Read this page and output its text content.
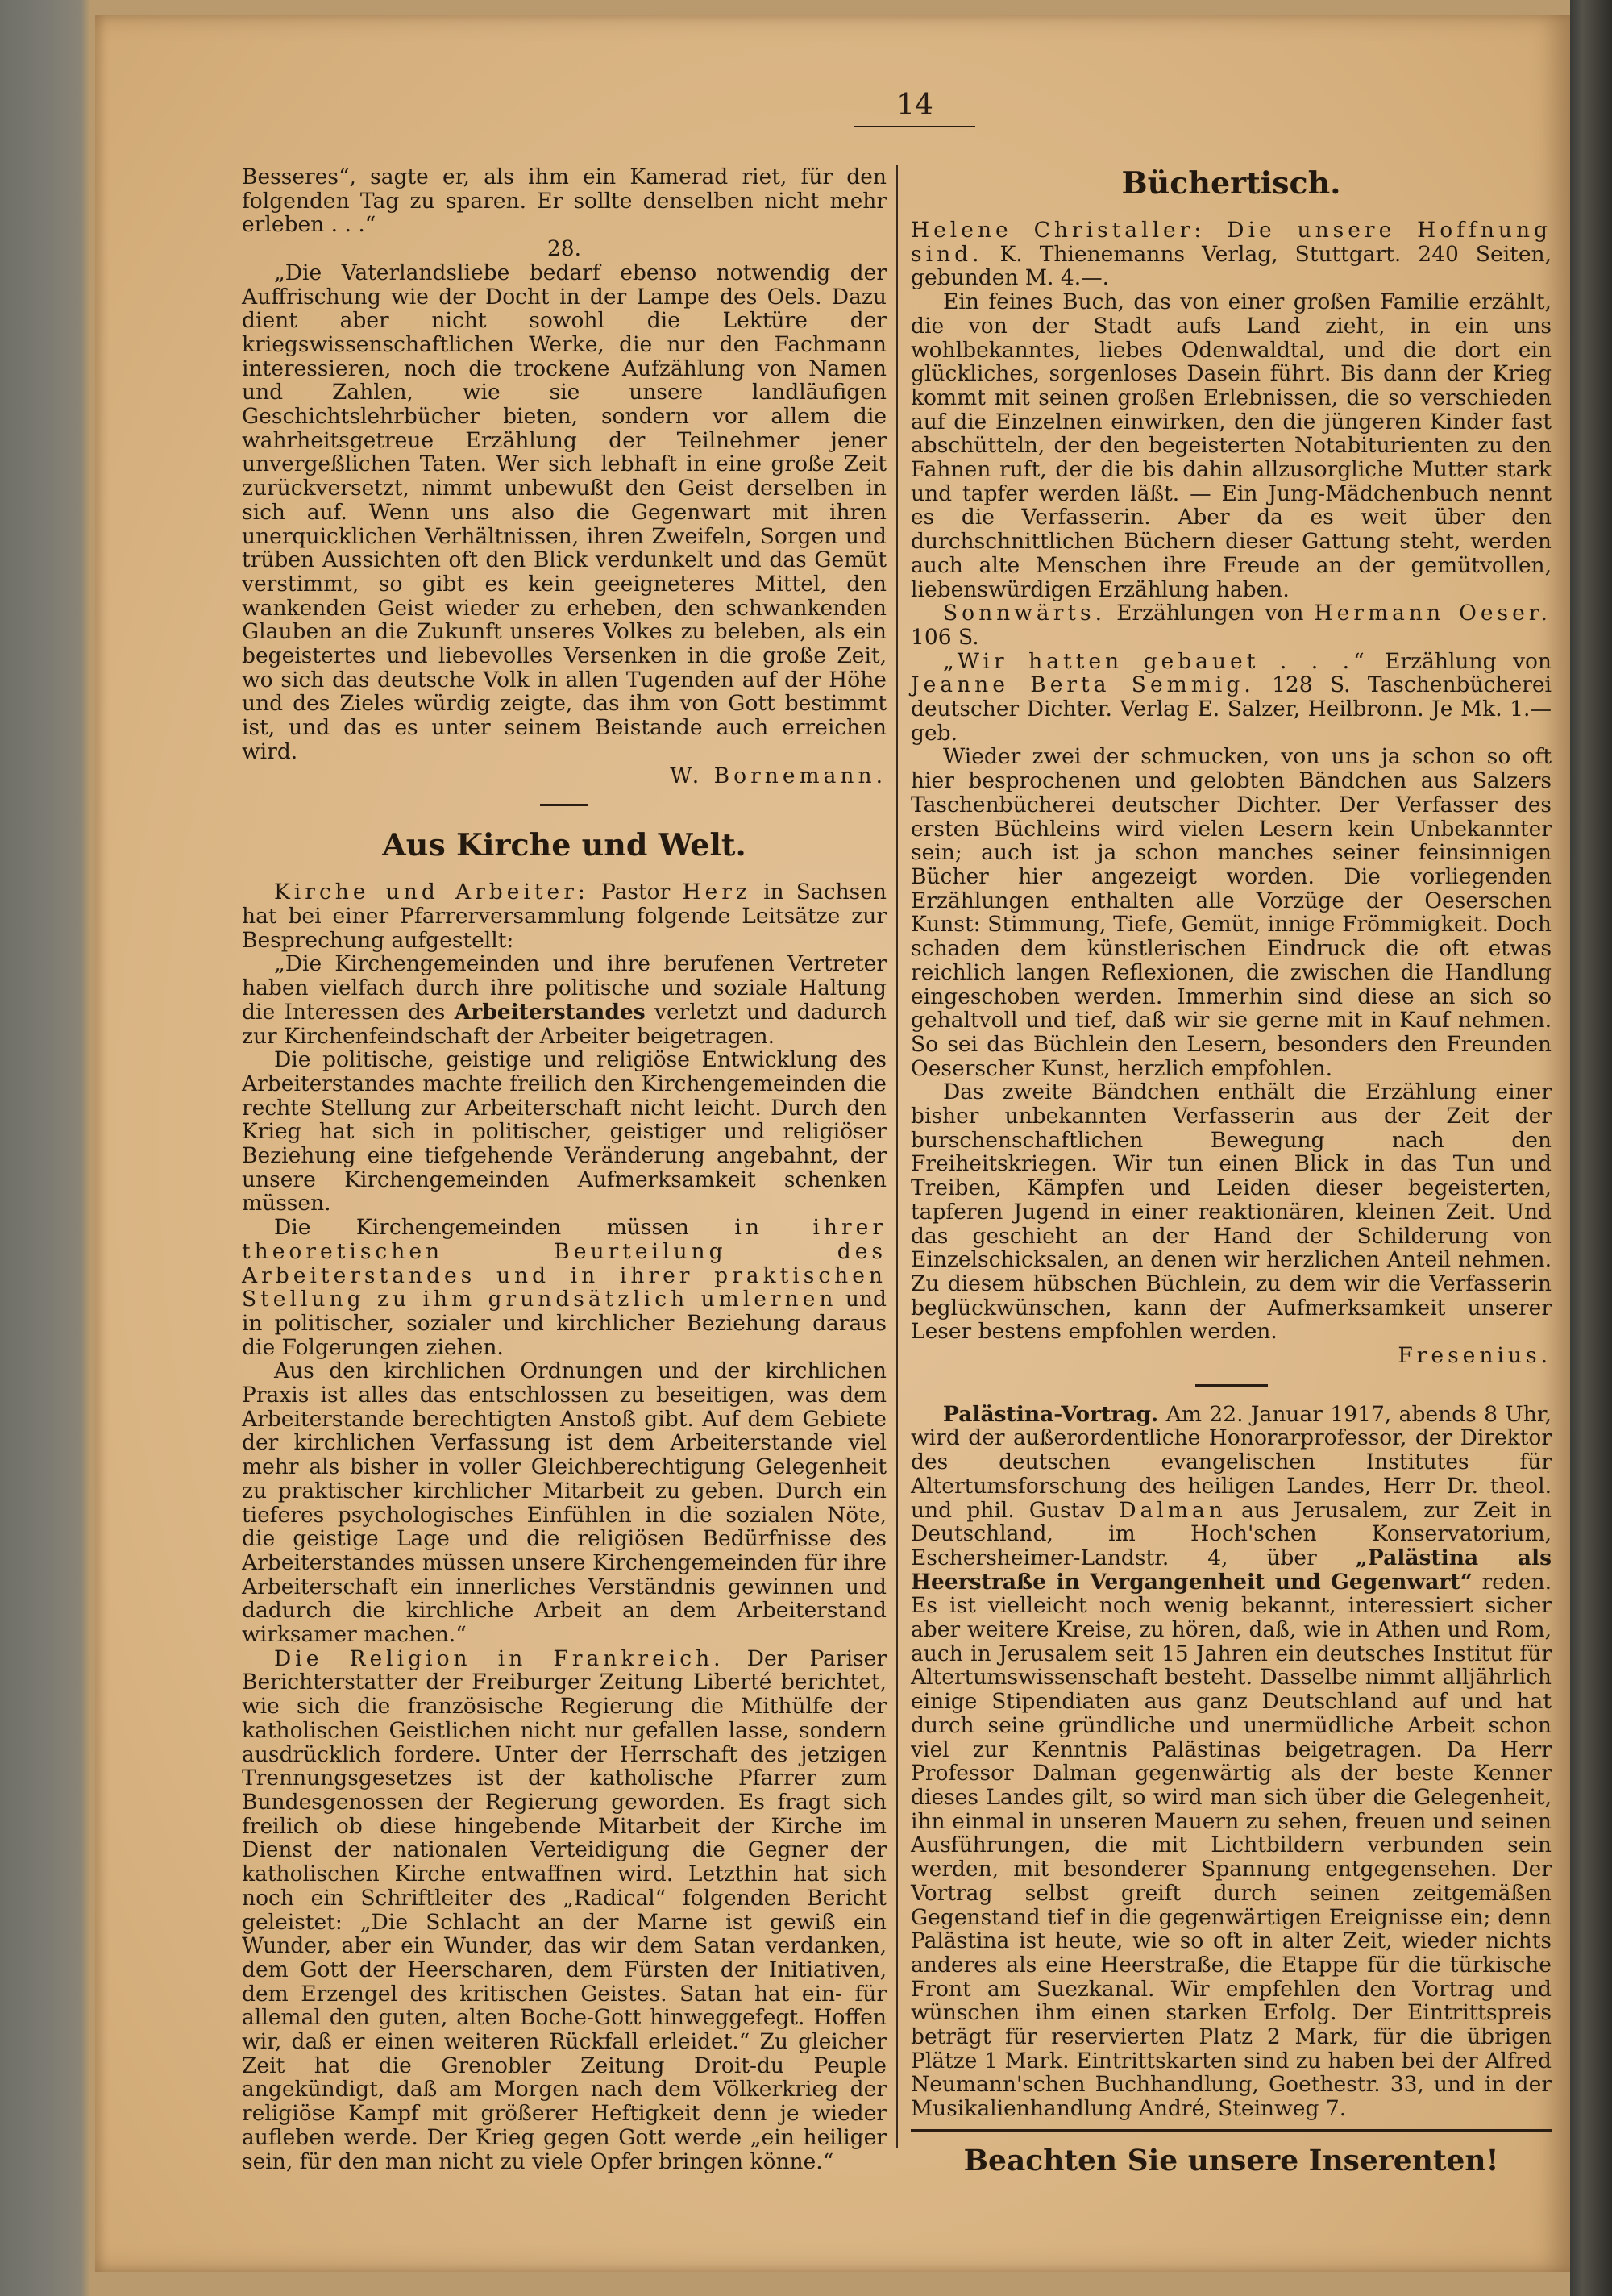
14

Besseres“, sagte er, als ihm ein Kamerad riet, für den folgenden Tag zu sparen. Er sollte denselben nicht mehr erleben . . .“

28.

„Die Vaterlandsliebe bedarf ebenso notwendig der Auffrischung wie der Docht in der Lampe des Oels. Dazu dient aber nicht sowohl die Lektüre der kriegswissenschaftlichen Werke, die nur den Fachmann interessieren, noch die trockene Aufzählung von Namen und Zahlen, wie sie unsere landläufigen Geschichtslehrbücher bieten, sondern vor allem die wahrheitsgetreue Erzählung der Teilnehmer jener unvergeßlichen Taten. Wer sich lebhaft in eine große Zeit zurückversetzt, nimmt unbewußt den Geist derselben in sich auf. Wenn uns also die Gegenwart mit ihren unerquicklichen Verhältnissen, ihren Zweifeln, Sorgen und trüben Aussichten oft den Blick verdunkelt und das Gemüt verstimmt, so gibt es kein geeigneteres Mittel, den wankenden Geist wieder zu erheben, den schwankenden Glauben an die Zukunft unseres Volkes zu beleben, als ein begeistertes und liebevolles Versenken in die große Zeit, wo sich das deutsche Volk in allen Tugenden auf der Höhe und des Zieles würdig zeigte, das ihm von Gott bestimmt ist, und das es unter seinem Beistande auch erreichen wird.

W. Bornemann.

Aus Kirche und Welt.

Kirche und Arbeiter: Pastor Herz in Sachsen hat bei einer Pfarrerversammlung folgende Leitsätze zur Besprechung aufgestellt:

„Die Kirchengemeinden und ihre berufenen Vertreter haben vielfach durch ihre politische und soziale Haltung die Interessen des Arbeiterstandes verletzt und dadurch zur Kirchenfeindschaft der Arbeiter beigetragen.

Die politische, geistige und religiöse Entwicklung des Arbeiterstandes machte freilich den Kirchengemeinden die rechte Stellung zur Arbeiterschaft nicht leicht. Durch den Krieg hat sich in politischer, geistiger und religiöser Beziehung eine tiefgehende Veränderung angebahnt, der unsere Kirchengemeinden Aufmerksamkeit schenken müssen.

Die Kirchengemeinden müssen in ihrer theoretischen Beurteilung des Arbeiterstandes und in ihrer praktischen Stellung zu ihm grundsätzlich umlernen und in politischer, sozialer und kirchlicher Beziehung daraus die Folgerungen ziehen.

Aus den kirchlichen Ordnungen und der kirchlichen Praxis ist alles das entschlossen zu beseitigen, was dem Arbeiterstande berechtigten Anstoß gibt. Auf dem Gebiete der kirchlichen Verfassung ist dem Arbeiterstande viel mehr als bisher in voller Gleichberechtigung Gelegenheit zu praktischer kirchlicher Mitarbeit zu geben. Durch ein tieferes psychologisches Einfühlen in die sozialen Nöte, die geistige Lage und die religiösen Bedürfnisse des Arbeiterstandes müssen unsere Kirchengemeinden für ihre Arbeiterschaft ein innerliches Verständnis gewinnen und dadurch die kirchliche Arbeit an dem Arbeiterstand wirksamer machen.“

Die Religion in Frankreich. Der Pariser Berichterstatter der Freiburger Zeitung Liberté berichtet, wie sich die französische Regierung die Mithülfe der katholischen Geistlichen nicht nur gefallen lasse, sondern ausdrücklich fordere. Unter der Herrschaft des jetzigen Trennungsgesetzes ist der katholische Pfarrer zum Bundesgenossen der Regierung geworden. Es fragt sich freilich ob diese hingebende Mitarbeit der Kirche im Dienst der nationalen Verteidigung die Gegner der katholischen Kirche entwaffnen wird. Letzthin hat sich noch ein Schriftleiter des „Radical“ folgenden Bericht geleistet: „Die Schlacht an der Marne ist gewiß ein Wunder, aber ein Wunder, das wir dem Satan verdanken, dem Gott der Heerscharen, dem Fürsten der Initiativen, dem Erzengel des kritischen Geistes. Satan hat ein- für allemal den guten, alten Boche-Gott hinweggefegt. Hoffen wir, daß er einen weiteren Rückfall erleidet.“ Zu gleicher Zeit hat die Grenobler Zeitung Droit-du Peuple angekündigt, daß am Morgen nach dem Völkerkrieg der religiöse Kampf mit größerer Heftigkeit denn je wieder aufleben werde. Der Krieg gegen Gott werde „ein heiliger sein, für den man nicht zu viele Opfer bringen könne.“

Büchertisch.

Helene Christaller: Die unsere Hoffnung sind. K. Thienemanns Verlag, Stuttgart. 240 Seiten, gebunden M. 4.—.

Ein feines Buch, das von einer großen Familie erzählt, die von der Stadt aufs Land zieht, in ein uns wohlbekanntes, liebes Odenwaldtal, und die dort ein glückliches, sorgenloses Dasein führt. Bis dann der Krieg kommt mit seinen großen Erlebnissen, die so verschieden auf die Einzelnen einwirken, den die jüngeren Kinder fast abschütteln, der den begeisterten Notabiturienten zu den Fahnen ruft, der die bis dahin allzusorgliche Mutter stark und tapfer werden läßt. — Ein Jung-Mädchenbuch nennt es die Verfasserin. Aber da es weit über den durchschnittlichen Büchern dieser Gattung steht, werden auch alte Menschen ihre Freude an der gemütvollen, liebenswürdigen Erzählung haben.

Sonnwärts. Erzählungen von Hermann Oeser. 106 S.

„Wir hatten gebauet . . .“ Erzählung von Jeanne Berta Semmig. 128 S. Taschenbücherei deutscher Dichter. Verlag E. Salzer, Heilbronn. Je Mk. 1.— geb.

Wieder zwei der schmucken, von uns ja schon so oft hier besprochenen und gelobten Bändchen aus Salzers Taschenbücherei deutscher Dichter. Der Verfasser des ersten Büchleins wird vielen Lesern kein Unbekannter sein; auch ist ja schon manches seiner feinsinnigen Bücher hier angezeigt worden. Die vorliegenden Erzählungen enthalten alle Vorzüge der Oeserschen Kunst: Stimmung, Tiefe, Gemüt, innige Frömmigkeit. Doch schaden dem künstlerischen Eindruck die oft etwas reichlich langen Reflexionen, die zwischen die Handlung eingeschoben werden. Immerhin sind diese an sich so gehaltvoll und tief, daß wir sie gerne mit in Kauf nehmen. So sei das Büchlein den Lesern, besonders den Freunden Oeserscher Kunst, herzlich empfohlen.

Das zweite Bändchen enthält die Erzählung einer bisher unbekannten Verfasserin aus der Zeit der burschenschaftlichen Bewegung nach den Freiheitskriegen. Wir tun einen Blick in das Tun und Treiben, Kämpfen und Leiden dieser begeisterten, tapferen Jugend in einer reaktionären, kleinen Zeit. Und das geschieht an der Hand der Schilderung von Einzelschicksalen, an denen wir herzlichen Anteil nehmen. Zu diesem hübschen Büchlein, zu dem wir die Verfasserin beglückwünschen, kann der Aufmerksamkeit unserer Leser bestens empfohlen werden.

Fresenius.

Palästina-Vortrag. Am 22. Januar 1917, abends 8 Uhr, wird der außerordentliche Honorarprofessor, der Direktor des deutschen evangelischen Institutes für Altertumsforschung des heiligen Landes, Herr Dr. theol. und phil. Gustav Dalman aus Jerusalem, zur Zeit in Deutschland, im Hoch'schen Konservatorium, Eschersheimer-Landstr. 4, über „Palästina als Heerstraße in Vergangenheit und Gegenwart“ reden. Es ist vielleicht noch wenig bekannt, interessiert sicher aber weitere Kreise, zu hören, daß, wie in Athen und Rom, auch in Jerusalem seit 15 Jahren ein deutsches Institut für Altertumswissenschaft besteht. Dasselbe nimmt alljährlich einige Stipendiaten aus ganz Deutschland auf und hat durch seine gründliche und unermüdliche Arbeit schon viel zur Kenntnis Palästinas beigetragen. Da Herr Professor Dalman gegenwärtig als der beste Kenner dieses Landes gilt, so wird man sich über die Gelegenheit, ihn einmal in unseren Mauern zu sehen, freuen und seinen Ausführungen, die mit Lichtbildern verbunden sein werden, mit besonderer Spannung entgegensehen. Der Vortrag selbst greift durch seinen zeitgemäßen Gegenstand tief in die gegenwärtigen Ereignisse ein; denn Palästina ist heute, wie so oft in alter Zeit, wieder nichts anderes als eine Heerstraße, die Etappe für die türkische Front am Suezkanal. Wir empfehlen den Vortrag und wünschen ihm einen starken Erfolg. Der Eintrittspreis beträgt für reservierten Platz 2 Mark, für die übrigen Plätze 1 Mark. Eintrittskarten sind zu haben bei der Alfred Neumann'schen Buchhandlung, Goethestr. 33, und in der Musikalienhandlung André, Steinweg 7.

Beachten Sie unsere Inserenten!
